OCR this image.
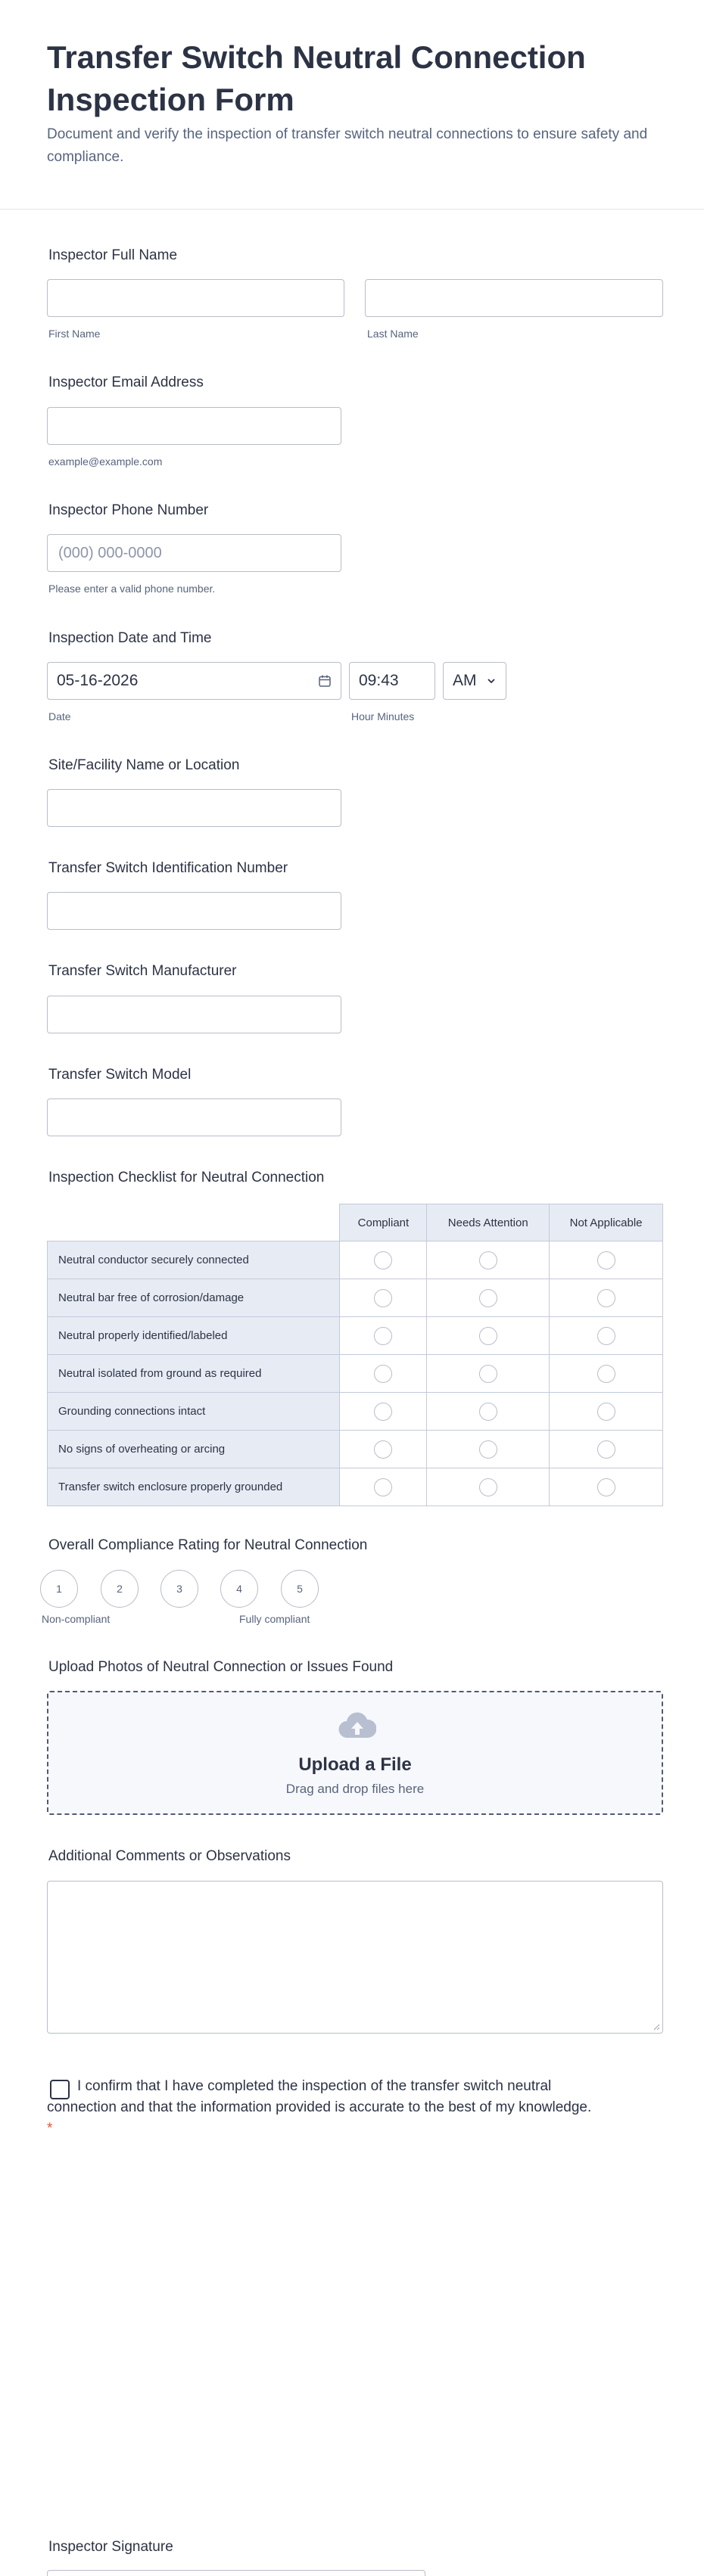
Transfer Switch Neutral Connection Inspection Form
Document and verify the inspection of transfer switch neutral connections to ensure safety and compliance.
Inspector Full Name
First Name	Last Name
Inspector Email Address
example@example.com
Inspector Phone Number
(000) 000-0000
Please enter a valid phone number.
Inspection Date and Time
05-16-2026	09:43	AM
Date	Hour Minutes
Site/Facility Name or Location
Transfer Switch Identification Number
Transfer Switch Manufacturer
Transfer Switch Model
Inspection Checklist for Neutral Connection
	Compliant	Needs Attention	Not Applicable
Neutral conductor securely connected			
Neutral bar free of corrosion/damage			
Neutral properly identified/labeled			
Neutral isolated from ground as required			
Grounding connections intact			
No signs of overheating or arcing			
Transfer switch enclosure properly grounded			
Overall Compliance Rating for Neutral Connection
1	2	3	4	5
Non-compliant	Fully compliant
Upload Photos of Neutral Connection or Issues Found
Upload a File
Drag and drop files here
Additional Comments or Observations
I confirm that I have completed the inspection of the transfer switch neutral connection and that the information provided is accurate to the best of my knowledge. *
Inspector Signature
